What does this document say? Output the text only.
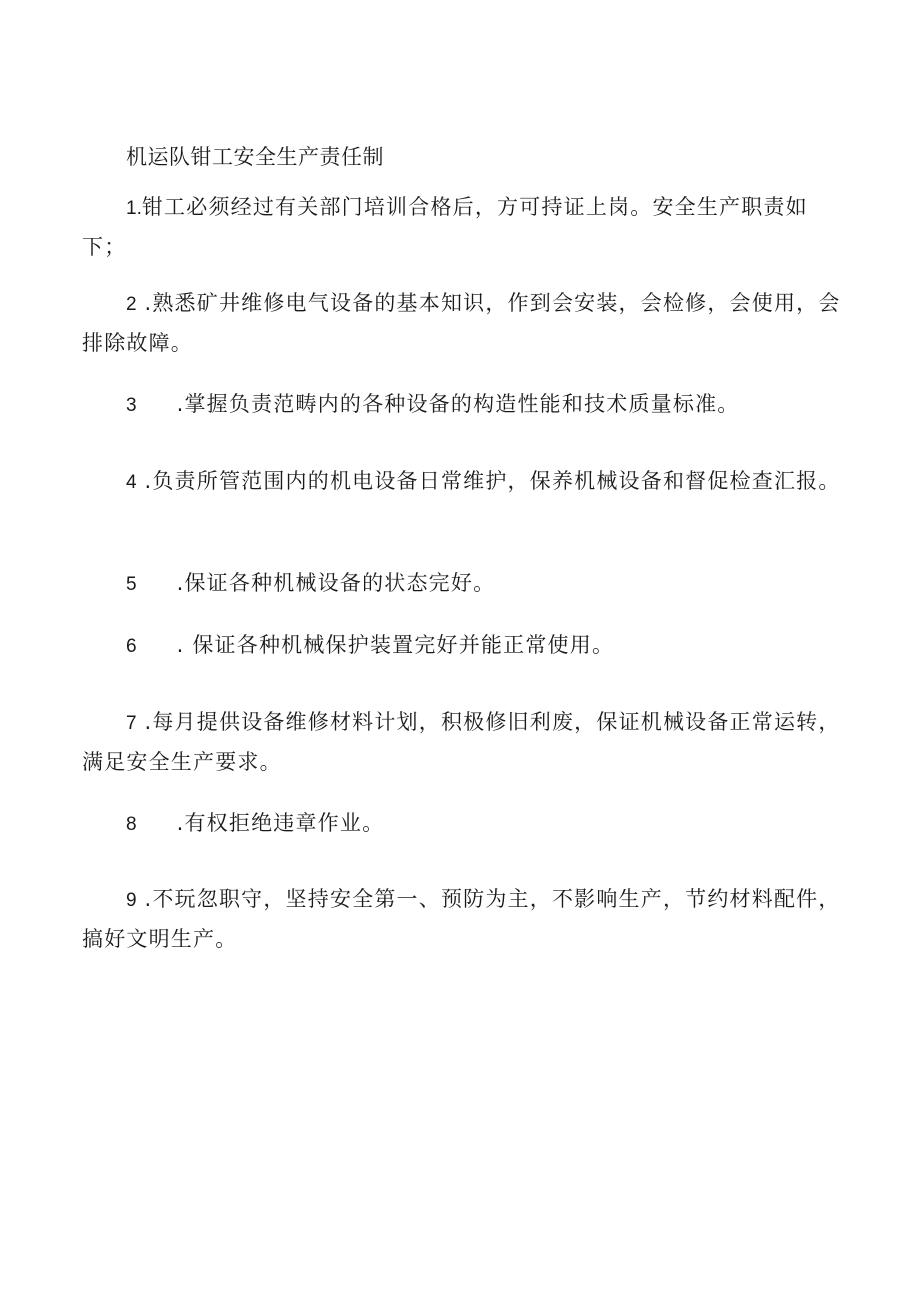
机运队钳工安全生产责任制
1.钳工必须经过有关部门培训合格后，方可持证上岗。安全生产职责如下；
2 .熟悉矿井维修电气设备的基本知识，作到会安装，会检修，会使用，会排除故障。
3 .掌握负责范畴内的各种设备的构造性能和技术质量标准。
4 .负责所管范围内的机电设备日常维护，保养机械设备和督促检查汇报。
5 .保证各种机械设备的状态完好。
6 . 保证各种机械保护装置完好并能正常使用。
7 .每月提供设备维修材料计划，积极修旧利废，保证机械设备正常运转，满足安全生产要求。
8 .有权拒绝违章作业。
9 .不玩忽职守，坚持安全第一、预防为主，不影响生产，节约材料配件，搞好文明生产。
